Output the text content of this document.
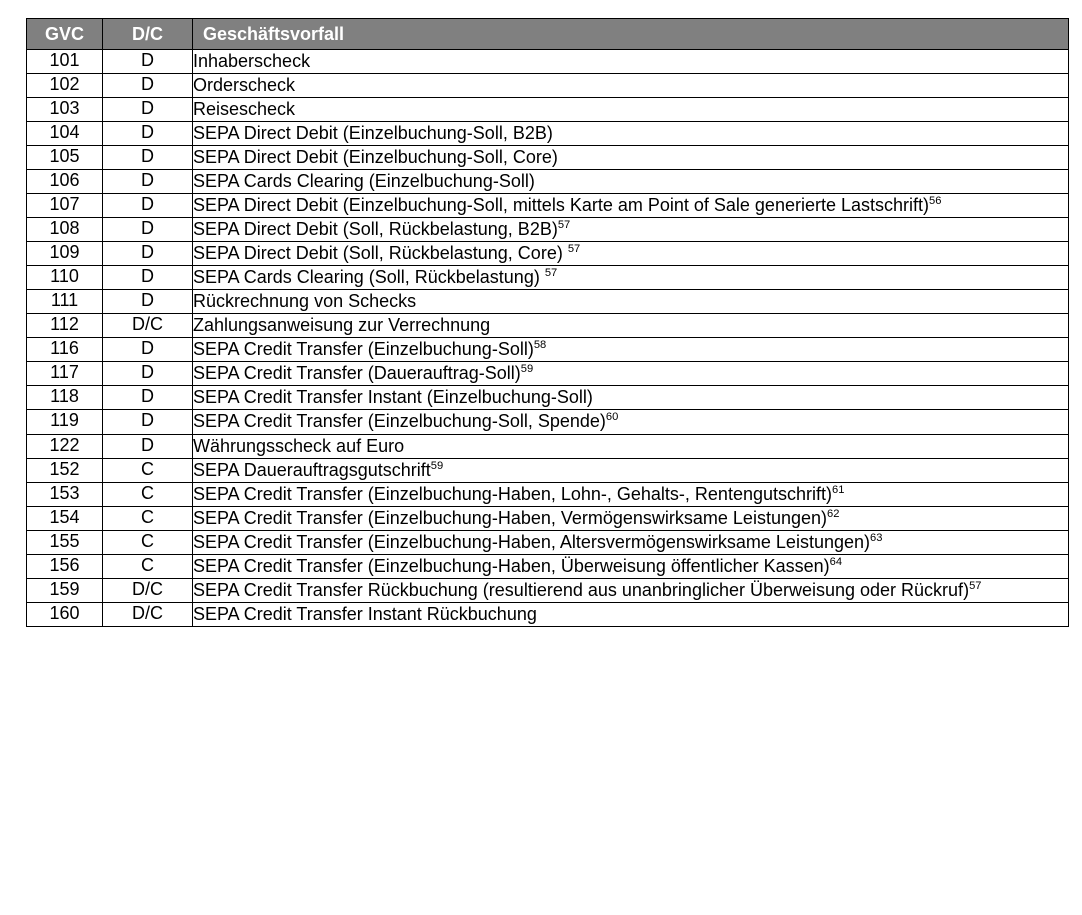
GVC	D/C	Geschäftsvorfall
101	D	Inhaberscheck
102	D	Orderscheck
103	D	Reisescheck
104	D	SEPA Direct Debit (Einzelbuchung-Soll, B2B)
105	D	SEPA Direct Debit (Einzelbuchung-Soll, Core)
106	D	SEPA Cards Clearing (Einzelbuchung-Soll)
107	D	SEPA Direct Debit (Einzelbuchung-Soll, mittels Karte am Point of Sale generierte Lastschrift)$^{56}$
108	D	SEPA Direct Debit (Soll, Rückbelastung, B2B)$^{57}$
109	D	SEPA Direct Debit (Soll, Rückbelastung, Core) $^{57}$
110	D	SEPA Cards Clearing (Soll, Rückbelastung) $^{57}$
111	D	Rückrechnung von Schecks
112	D/C	Zahlungsanweisung zur Verrechnung
116	D	SEPA Credit Transfer (Einzelbuchung-Soll)$^{58}$
117	D	SEPA Credit Transfer (Dauerauftrag-Soll)$^{59}$
118	D	SEPA Credit Transfer Instant (Einzelbuchung-Soll)
119	D	SEPA Credit Transfer (Einzelbuchung-Soll, Spende)$^{60}$
122	D	Währungsscheck auf Euro
152	C	SEPA Dauerauftragsgutschrift$^{59}$
153	C	SEPA Credit Transfer (Einzelbuchung-Haben, Lohn-, Gehalts-, Rentengutschrift)$^{61}$
154	C	SEPA Credit Transfer (Einzelbuchung-Haben, Vermögenswirksame Leistungen)$^{62}$
155	C	SEPA Credit Transfer (Einzelbuchung-Haben, Altersvermögenswirksame Leistungen)$^{63}$
156	C	SEPA Credit Transfer (Einzelbuchung-Haben, Überweisung öffentlicher Kassen)$^{64}$
159	D/C	SEPA Credit Transfer Rückbuchung (resultierend aus unanbringlicher Überweisung oder Rückruf)$^{57}$
160	D/C	SEPA Credit Transfer Instant Rückbuchung
